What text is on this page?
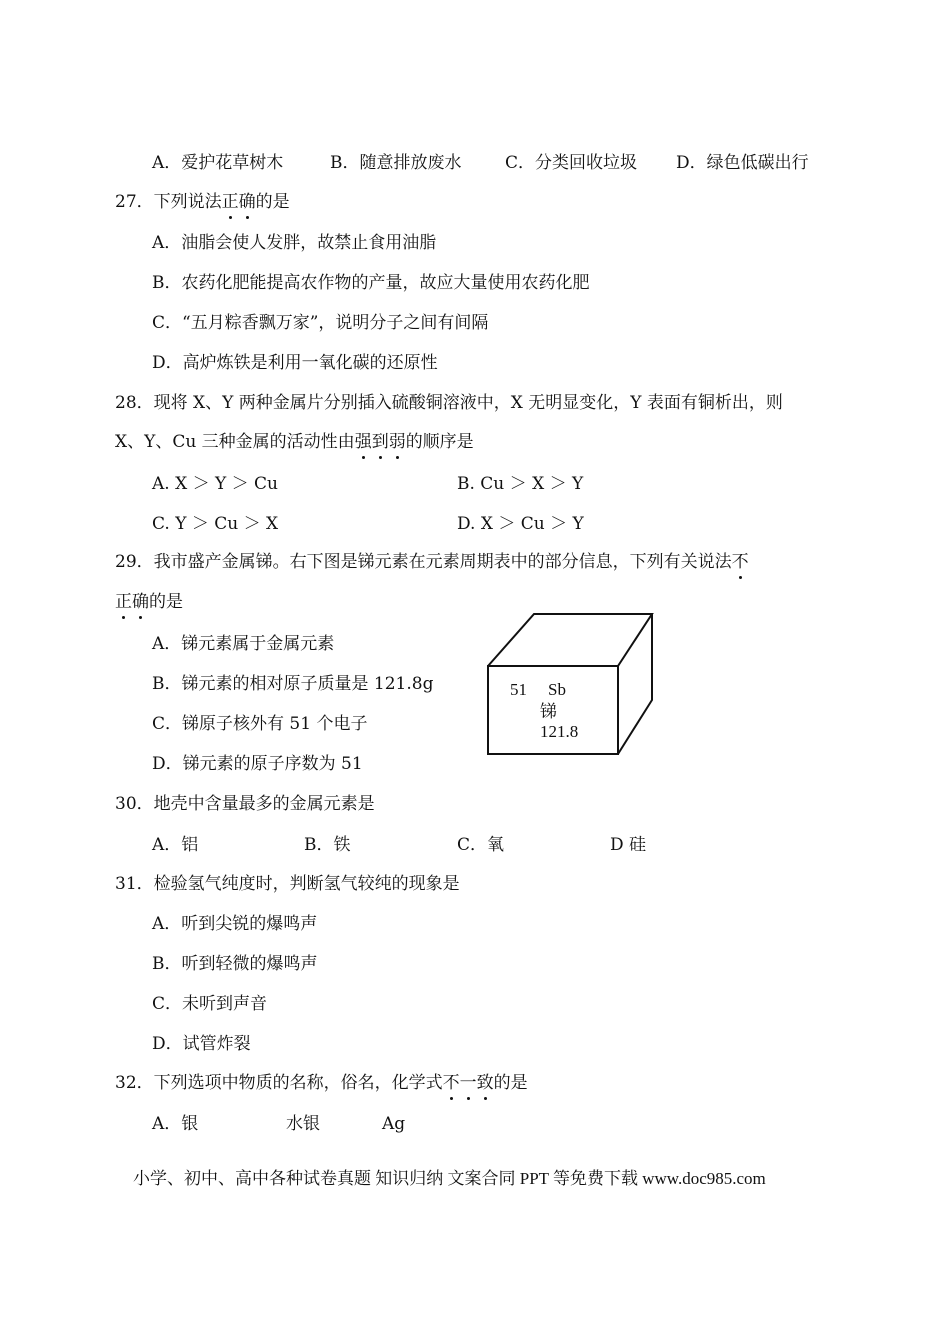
A．爱护花草树木	B．随意排放废水	C．分类回收垃圾 D．绿色低碳出行
27．下列说法正确的是
A．油脂会使人发胖，故禁止食用油脂
B．农药化肥能提高农作物的产量，故应大量使用农药化肥
C．“五月粽香飘万家”，说明分子之间有间隔
D．高炉炼铁是利用一氧化碳的还原性
28．现将 X、Y 两种金属片分别插入硫酸铜溶液中，X 无明显变化，Y 表面有铜析出，则
X、Y、Cu 三种金属的活动性由强到弱的顺序是
A. X ＞ Y ＞ Cu	B. Cu ＞ X ＞ Y
C. Y ＞ Cu ＞ X	D. X ＞ Cu ＞ Y
29．我市盛产金属锑。右下图是锑元素在元素周期表中的部分信息，下列有关说法不
正确的是
A．锑元素属于金属元素
B．锑元素的相对原子质量是 121.8g
C．锑原子核外有 51 个电子
D．锑元素的原子序数为 51
51 Sb
锑
121.8
30．地壳中含量最多的金属元素是
A．铝	B．铁	C．氧	D 硅
31．检验氢气纯度时，判断氢气较纯的现象是
A．听到尖锐的爆鸣声
B．听到轻微的爆鸣声
C．未听到声音
D．试管炸裂
32．下列选项中物质的名称，俗名，化学式不一致的是
A．银	水银	Ag
小学、初中、高中各种试卷真题 知识归纳 文案合同 PPT 等免费下载 www.doc985.com
